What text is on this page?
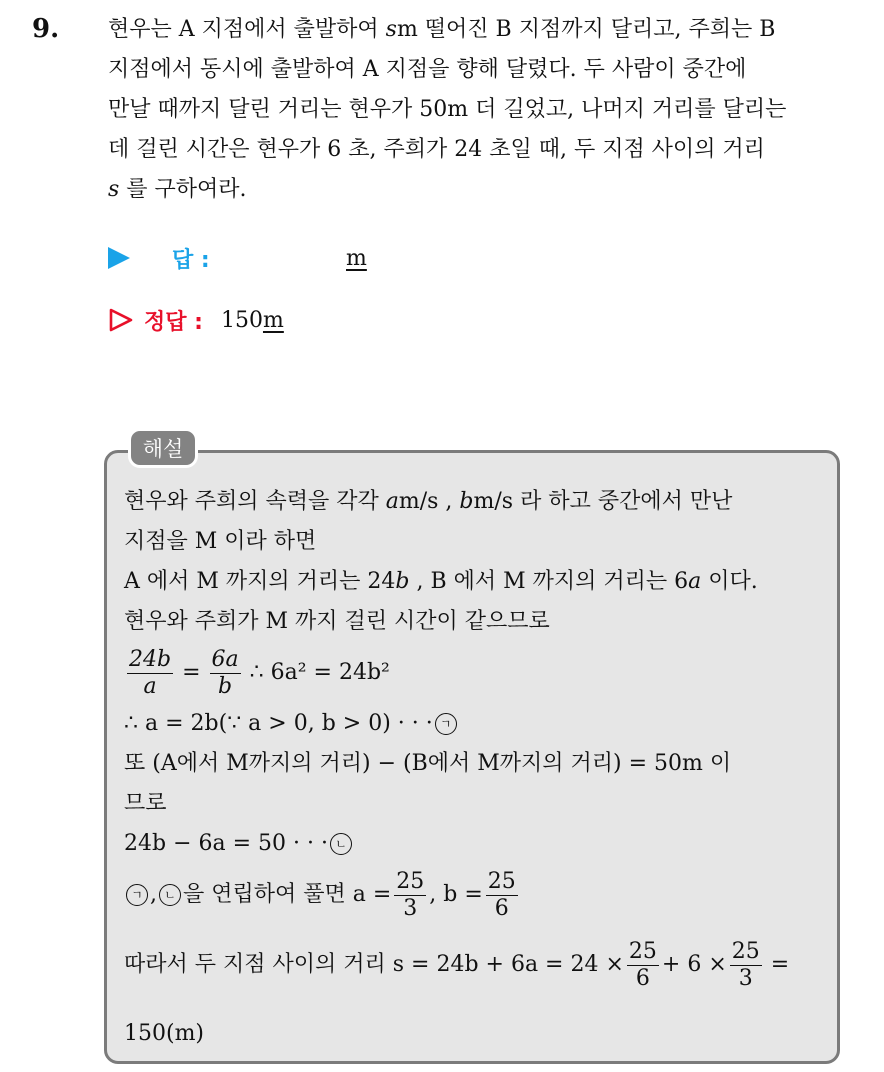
9. 현우는 A 지점에서 출발하여 sm 떨어진 B 지점까지 달리고, 주희는 B

지점에서 동시에 출발하여 A 지점을 향해 달렸다. 두 사람이 중간에

만날 때까지 달린 거리는 현우가 50m 더 길었고, 나머지 거리를 달리는

데 걸린 시간은 현우가 6 초, 주희가 24 초일 때, 두 지점 사이의 거리

s 를 구하여라.

답 :	m
정답 : 150m
해설
현우와 주희의 속력을 각각 am/s , bm/s 라 하고 중간에서 만난
지점을 M 이라 하면
A 에서 M 까지의 거리는 24b , B 에서 M 까지의 거리는 6a 이다.
현우와 주희가 M 까지 걸린 시간이 같으므로
$\frac{24b}{a} = \frac{6a}{b}$ ∴ 6a² = 24b²
∴ a = 2b(∵ a > 0, b > 0) · · · ㄱ
또 (A에서 M까지의 거리) − (B에서 M까지의 거리) = 50m 이
므로
24b − 6a = 50 · · · ㄴ
ㄱ , ㄴ 을 연립하여 풀면 $a = \frac{25}{3}$ , $b = \frac{25}{6}$
따라서 두 지점 사이의 거리 $s = 24b + 6a = 24 \times \frac{25}{6} + 6 \times \frac{25}{3}$ =
150(m)
